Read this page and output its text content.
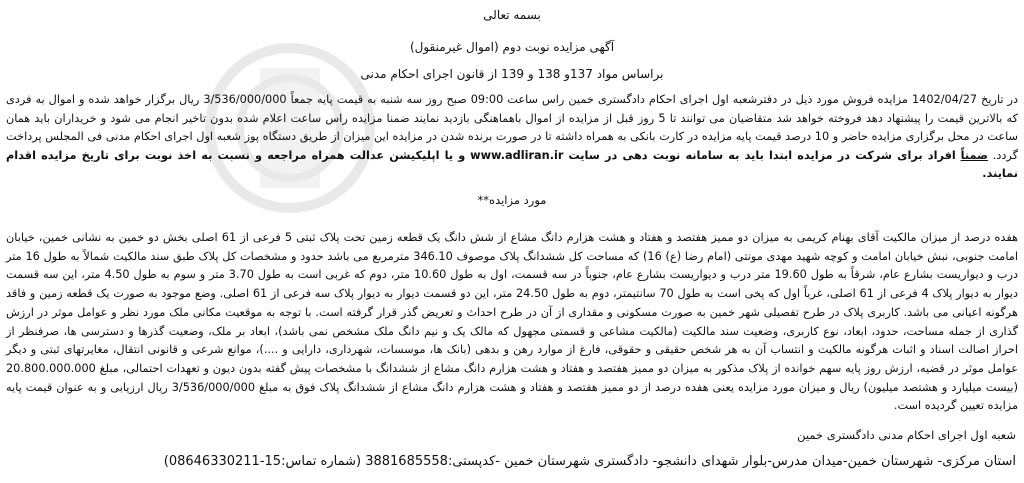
بسمه تعالی
آگهی مزایده نوبت دوم (اموال غیرمنقول)
براساس مواد 137و 138 و 139 از قانون اجرای احکام مدنی
در تاریخ 1402/04/27 مزایده فروش مورد ذیل در دفترشعبه اول اجرای احکام دادگستری خمین راس ساعت 09:00 صبح روز سه شنبه به قیمت پایه جمعاً 3/536/000/000 ریال برگزار خواهد شده و اموال به فردی که بالاترین قیمت را پیشنهاد دهد فروخته خواهد شد متقاضیان می توانند تا 5 روز قبل از مزایده از اموال باهماهنگی بازدید نمایند ضمنا مزایده راس ساعت اعلام شده بدون تاخیر انجام می شود و خریداران باید همان ساعت در محل برگزاری مزایده حاضر و 10 درصد قیمت پایه مزایده در کارت بانکی به همراه داشته تا در صورت برنده شدن در مزایده این میزان از طریق دستگاه پوز شعبه اول اجرای احکام مدنی فی المجلس پرداخت گردد. ضمناً افراد برای شرکت در مزایده ابتدا باید به سامانه نوبت دهی در سایت www.adliran.ir و یا اپلیکیشن عدالت همراه مراجعه و نسبت به اخذ نوبت برای تاریخ مزایده اقدام نمایند.
مورد مزایده**
هفده درصد از میزان مالکیت آقای بهنام کریمی به میزان دو ممیز هفتصد و هفتاد و هشت هزارم دانگ مشاع از شش دانگ یک قطعه زمین تحت پلاک ثبتی 5 فرعی از 61 اصلی بخش دو خمین به نشانی خمین، خیابان امامت جنوبی، نبش خیابان امامت و کوچه شهید مهدی مونتی (امام رضا (ع) 16) که مساحت کل ششدانگ پلاک موصوف 346.10 مترمربع می باشد حدود و مشخصات کل پلاک طبق سند مالکیت شمالاً به طول 16 متر درب و دیواریست بشارع عام، شرقاً به طول 19.60 متر درب و دیواریست بشارع عام، جنوباً در سه قسمت، اول به طول 10.60 متر، دوم که غربی است به طول 3.70 متر و سوم به طول 4.50 متر، این سه قسمت دیوار به دیوار پلاک 4 فرعی از 61 اصلی، غرباً اول که پخی است به طول 70 سانتیمتر، دوم به طول 24.50 متر، این دو قسمت دیوار به دیوار پلاک سه فرعی از 61 اصلی. وضع موجود به صورت یک قطعه زمین و فاقد هرگونه اعیانی می باشد. کاربری پلاک در طرح تفصیلی شهر خمین به صورت مسکونی و مقداری از آن در طرح احداث و تعریض گذر قرار گرفته است. با توجه به موقعیت مکانی ملک مورد نظر و عوامل موثر در ارزش گذاری از جمله مساحت، حدود، ابعاد، نوع کاربری، وضعیت سند مالکیت (مالکیت مشاعی و قسمتی مجهول که مالک یک و نیم دانگ ملک مشخص نمی باشد)، ابعاد بر ملک، وضعیت گذرها و دسترسی ها، صرفنظر از احراز اصالت اسناد و اثبات هرگونه مالکیت و انتساب آن به هر شخص حقیقی و حقوقی، فارغ از موارد رهن و بدهی (بانک ها، موسسات، شهرداری، دارایی و ....)، موانع شرعی و قانونی انتقال، مغایرتهای ثبتی و دیگر عوامل موثر در قضیه، ارزش روز پایه سهم خوانده از پلاک مذکور به میزان دو ممیز هفتصد و هفتاد و هشت هزارم دانگ مشاع از ششدانگ با مشخصات پیش گفته بدون دیون و تعهدات احتمالی، مبلغ 20.800.000.000 (بیست میلیارد و هشتصد میلیون) ریال و میزان مورد مزایده یعنی هفده درصد از دو ممیز هفتصد و هفتاد و هشت هزارم دانگ مشاع از ششدانگ پلاک فوق به مبلغ 3/536/000/000 ریال ارزیابی و به عنوان قیمت پایه مزایده تعیین گردیده است.
شعبه اول اجرای احکام مدنی دادگستری خمین
استان مرکزی- شهرستان خمین-میدان مدرس-بلوار شهدای دانشجو- دادگستری شهرستان خمین -کدپستی:3881685558 (شماره تماس:15-08646330211)
